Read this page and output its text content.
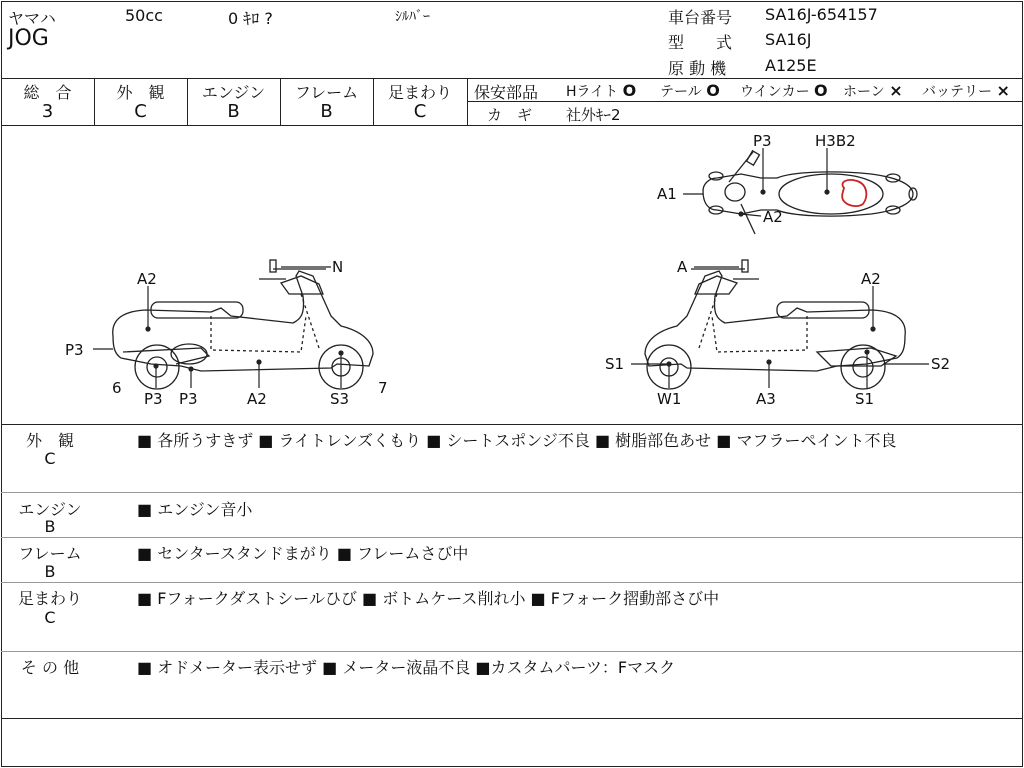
ヤマハ	50cc	0 ｷﾛ ?	ｼﾙﾊﾞｰ
JOG
車台番号 SA16J-654157
型　　式 SA16J
原 動 機 A125E
総　合
3
外　観
C
エンジン
B
フレーム
B
足まわり
C
保安部品 Hライト O テール O ウインカー O ホーン × バッテリー ×
カ　ギ 社外ｷｰ2
N
A2
P3
6
P3 P3	A2	S3
7
A
A2
S1	S2
W1	A3	S1
P3	H3B2
A1
A2
外　観
C
■ 各所うすきず ■ ライトレンズくもり ■ シートスポンジ不良 ■ 樹脂部色あせ ■ マフラーペイント不良
エンジン
B
■ エンジン音小
フレーム
B
■ センタースタンドまがり ■ フレームさび中
足まわり
C
■ Fフォークダストシールひび ■ ボトムケース削れ小 ■ Fフォーク摺動部さび中
そ の 他	■ オドメーター表示せず ■ メーター液晶不良 ■カスタムパーツ：Fマスク
